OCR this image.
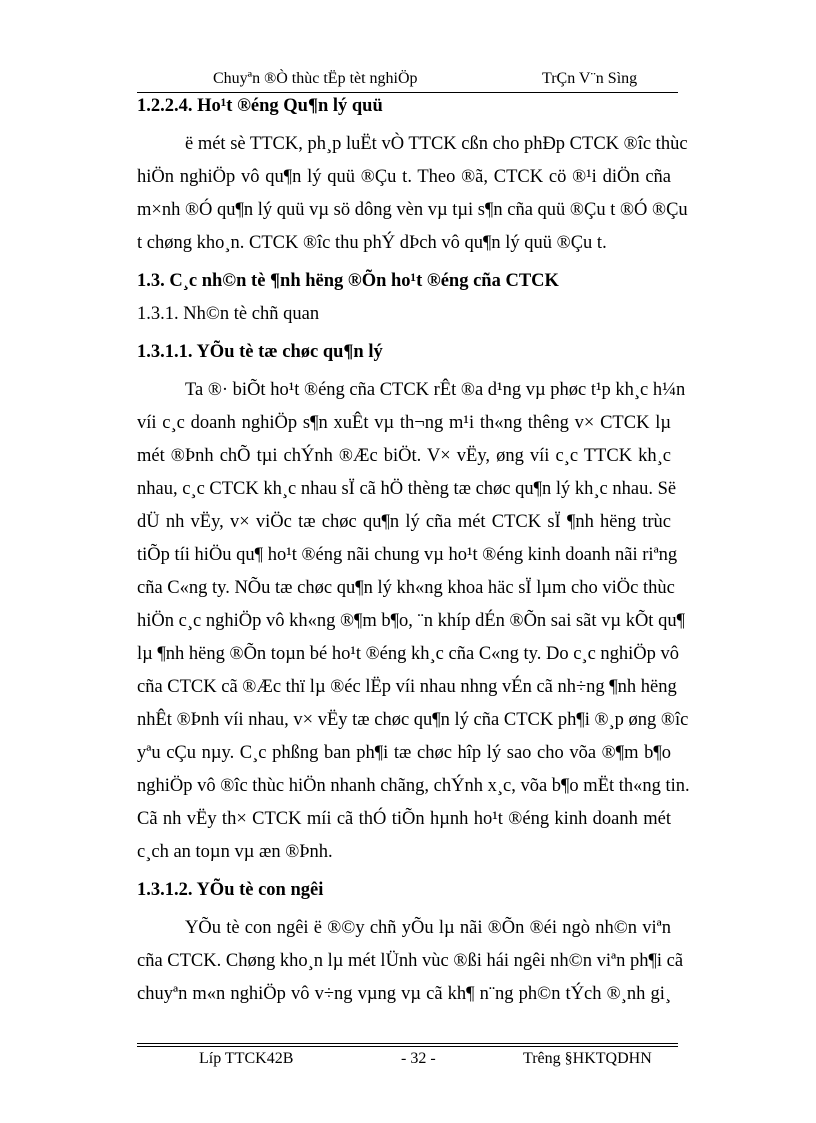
Chuyªn ®Ò thùc tËp tèt nghiÖp	TrÇn V¨n Sìng
1.2.2.4. Ho¹t ®éng Qu¶n lý quü
ë mét sè TTCK, ph¸p luËt vÒ TTCK cßn cho phÐp CTCK ®îc thùc
hiÖn nghiÖp vô qu¶n lý quü ®Çu t. Theo ®ã, CTCK cö ®¹i diÖn cña
m×nh ®Ó qu¶n lý quü vµ sö dông vèn vµ tµi s¶n cña quü ®Çu t ®Ó ®Çu
t chøng kho¸n. CTCK ®îc thu phÝ dÞch vô qu¶n lý quü ®Çu t.
1.3. C¸c nh©n tè ¶nh hëng ®Õn ho¹t ®éng cña CTCK
1.3.1. Nh©n tè chñ quan
1.3.1.1. YÕu tè tæ chøc qu¶n lý
Ta ®· biÕt ho¹t ®éng cña CTCK rÊt ®a d¹ng vµ phøc t¹p kh¸c h¼n
víi c¸c doanh nghiÖp s¶n xuÊt vµ th¬ng m¹i th«ng thêng v× CTCK lµ
mét ®Þnh chÕ tµi chÝnh ®Æc biÖt. V× vËy, øng víi c¸c TTCK kh¸c
nhau, c¸c CTCK kh¸c nhau sÏ cã hÖ thèng tæ chøc qu¶n lý kh¸c nhau. Së
dÜ nh vËy, v× viÖc tæ chøc qu¶n lý cña mét CTCK sÏ ¶nh hëng trùc
tiÕp tíi hiÖu qu¶ ho¹t ®éng nãi chung vµ ho¹t ®éng kinh doanh nãi riªng
cña C«ng ty. NÕu tæ chøc qu¶n lý kh«ng khoa häc sÏ lµm cho viÖc thùc
hiÖn c¸c nghiÖp vô kh«ng ®¶m b¶o, ¨n khíp dÉn ®Õn sai sãt vµ kÕt qu¶
lµ ¶nh hëng ®Õn toµn bé ho¹t ®éng kh¸c cña C«ng ty. Do c¸c nghiÖp vô
cña CTCK cã ®Æc thï lµ ®éc lËp víi nhau nhng vÉn cã nh÷ng ¶nh hëng
nhÊt ®Þnh víi nhau, v× vËy tæ chøc qu¶n lý cña CTCK ph¶i ®¸p øng ®îc
yªu cÇu nµy. C¸c phßng ban ph¶i tæ chøc hîp lý sao cho võa ®¶m b¶o
nghiÖp vô ®îc thùc hiÖn nhanh chãng, chÝnh x¸c, võa b¶o mËt th«ng tin.
Cã nh vËy th× CTCK míi cã thÓ tiÕn hµnh ho¹t ®éng kinh doanh mét
c¸ch an toµn vµ æn ®Þnh.
1.3.1.2. YÕu tè con ngêi
YÕu tè con ngêi ë ®©y chñ yÕu lµ nãi ®Õn ®éi ngò nh©n viªn
cña CTCK. Chøng kho¸n lµ mét lÜnh vùc ®ßi hái ngêi nh©n viªn ph¶i cã
chuyªn m«n nghiÖp vô v÷ng vµng vµ cã kh¶ n¨ng ph©n tÝch ®¸nh gi¸
Líp TTCK42B	- 32 -	Trêng §HKTQDHN
